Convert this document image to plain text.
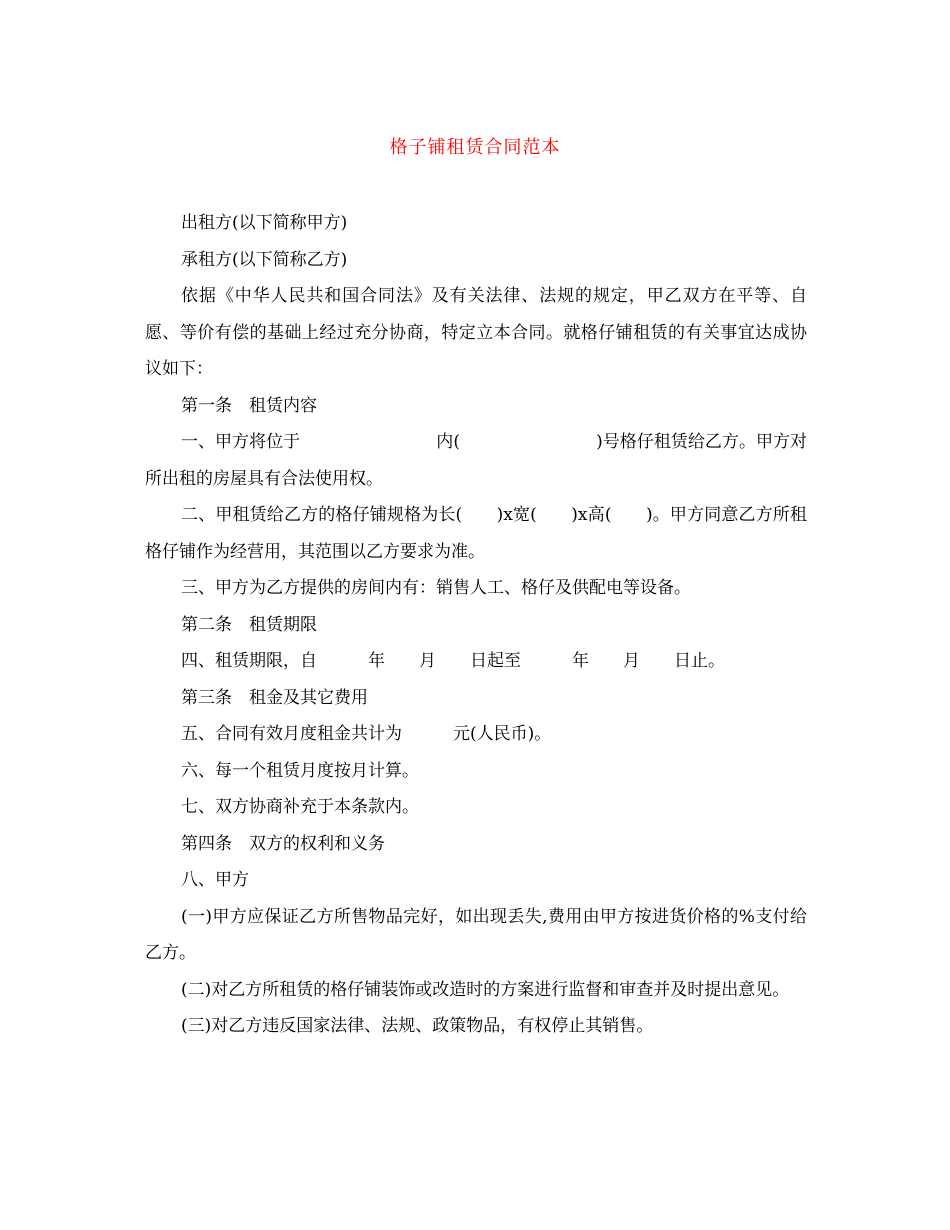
格子铺租赁合同范本

出租方(以下简称甲方)

承租方(以下简称乙方)

依据《中华人民共和国合同法》及有关法律、法规的规定，甲乙双方在平等、自愿、等价有偿的基础上经过充分协商，特定立本合同。就格仔铺租赁的有关事宜达成协议如下：

第一条　租赁内容

一、甲方将位于　　　　　　　　内(　　　　　　　　)号格仔租赁给乙方。甲方对所出租的房屋具有合法使用权。

二、甲租赁给乙方的格仔铺规格为长(　　)x宽(　　)x高(　　)。甲方同意乙方所租格仔铺作为经营用，其范围以乙方要求为准。

三、甲方为乙方提供的房间内有：销售人工、格仔及供配电等设备。

第二条　租赁期限

四、租赁期限，自　　　年　　月　　日起至　　　年　　月　　日止。

第三条　租金及其它费用

五、合同有效月度租金共计为　　　元(人民币)。

六、每一个租赁月度按月计算。

七、双方协商补充于本条款内。

第四条　双方的权利和义务

八、甲方

(一)甲方应保证乙方所售物品完好，如出现丢失,费用由甲方按进货价格的%支付给乙方。

(二)对乙方所租赁的格仔铺装饰或改造时的方案进行监督和审查并及时提出意见。

(三)对乙方违反国家法律、法规、政策物品，有权停止其销售。
